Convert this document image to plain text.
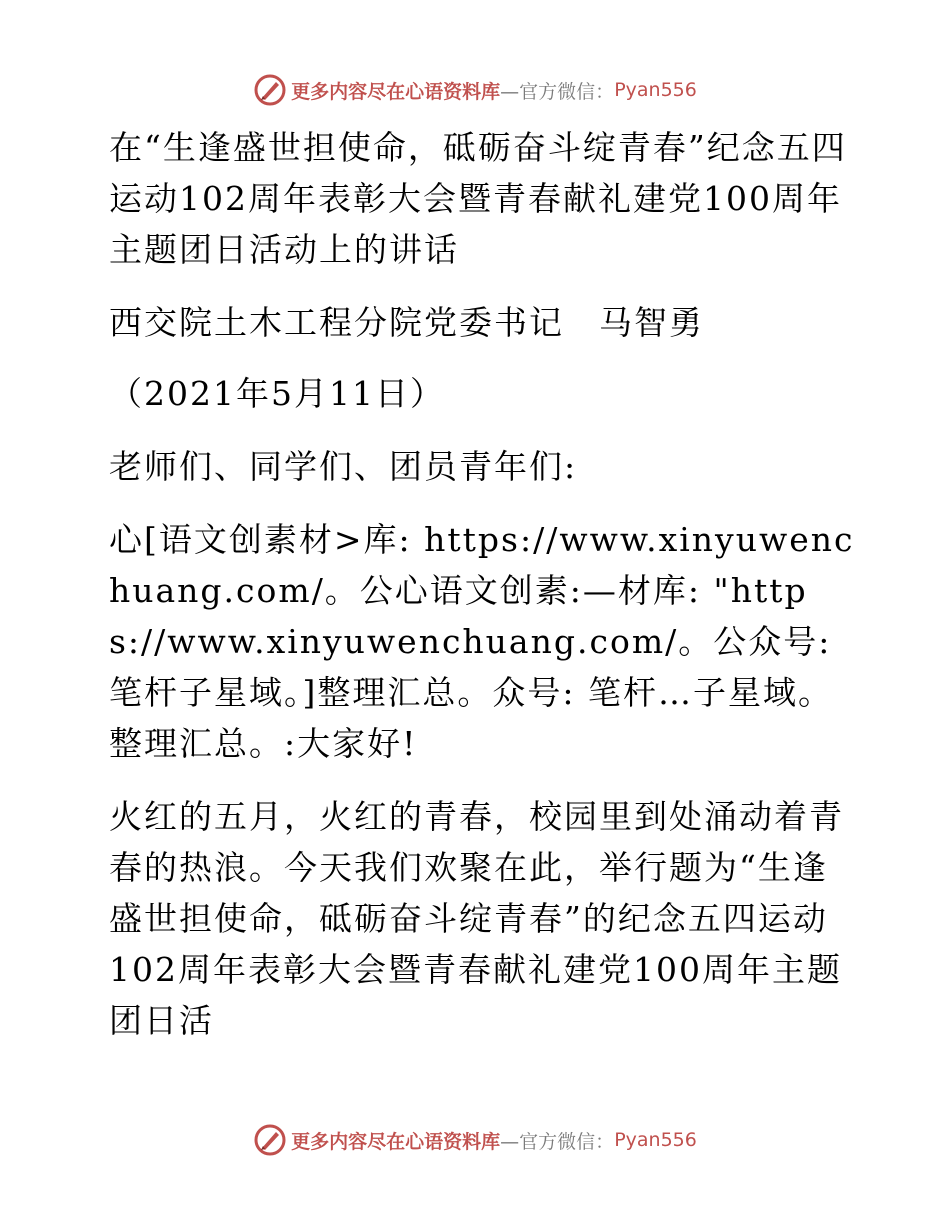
更多内容尽在心语资料库 —官方微信： Pyan556

在“生逢盛世担使命，砥砺奋斗绽青春”纪念五四运动102周年表彰大会暨青春献礼建党100周年主题团日活动上的讲话

西交院土木工程分院党委书记　马智勇

（2021年5月11日）

老师们、同学们、团员青年们:

心[语文创素材>库: https://www.xinyuwenchuang.com/。公心语文创素:—材库: "https://www.xinyuwenchuang.com/。公众号: 笔杆子星域。]整理汇总。众号: 笔杆…子星域。整理汇总。:大家好!

火红的五月，火红的青春，校园里到处涌动着青春的热浪。今天我们欢聚在此，举行题为“生逢盛世担使命，砥砺奋斗绽青春”的纪念五四运动102周年表彰大会暨青春献礼建党100周年主题团日活

更多内容尽在心语资料库 —官方微信： Pyan556
